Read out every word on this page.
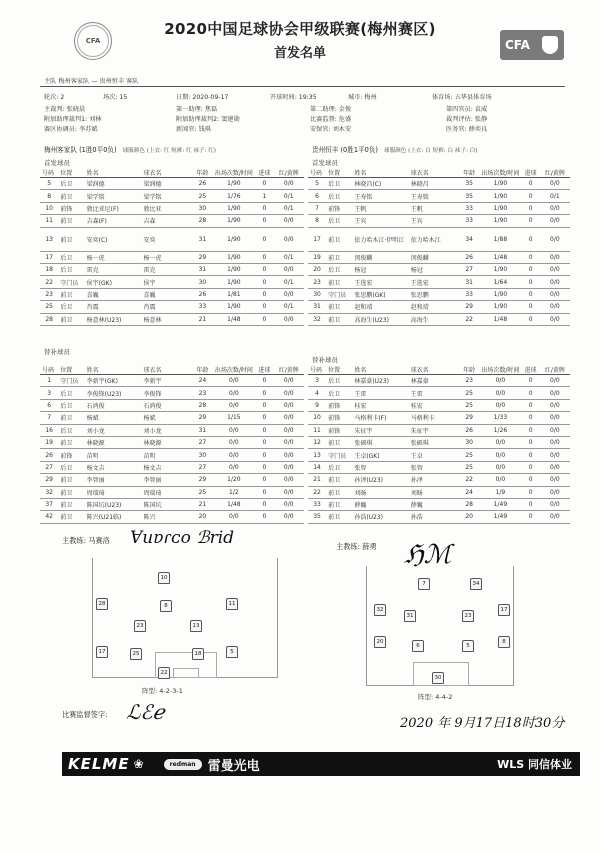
CFA
2020中国足球协会甲级联赛(梅州赛区)
首发名单
CFA
主队 梅州客家队 — 贵州恒丰 客队
轮次: 2	场次: 15	日期: 2020-09-17	开球时间: 19:35	城市: 梅州	体育场: 五华县体育场
主裁判: 张晓晨	第一助理: 焦磊	第二助理: 金俊	第四官员: 袁威
附加助理裁判1: 刘林	附加助理裁判2: 窦建勋	比赛监督: 危盛	裁判评估: 张静
赛区协调员: 李苏斌	新闻官: 钱琪	安保官: 刘木安	医务官: 薛奕良
梅州客家队 (1胜0平0负) 球服颜色 (上衣: 红 短裤: 红 袜子: 红)	贵州恒丰 (0胜1平0负) 球服颜色 (上衣: 白 短裤: 白 袜子: 白)
首发球员	首发球员
号码	位置	姓名	球衣名	年龄	出场次数/时间	进球	红/黄牌
5	后卫	梁润德	梁润德	26	1/90	0	0/0
8	前卫	梁学铭	梁学铭	25	1/76	1	0/1
10	前锋	敦比亚尼(F)	敦比亚	30	1/90	0	0/1
11	前卫	吉森(F)	吉森	28	1/90	0	0/0
13	前卫	安奕(C)	安奕	31	1/90	0	0/0
17	后卫	杨一虎	杨一虎	29	1/90	0	0/1
18	后卫	雷克	雷克	31	1/90	0	0/0
22	守门员	侯宇(GK)	侯宇	30	1/90	0	0/1
23	前卫	喜巍	喜巍	26	1/81	0	0/0
25	后卫	肖震	肖震	33	1/90	0	0/1
28	前卫	杨意林(U23)	杨意林	21	1/48	0	0/0
号码	位置	姓名	球衣名	年龄	出场次数/时间	进球	红/黄牌
5	后卫	林晓昌(C)	林晓昌	35	1/90	0	0/0
6	后卫	王寿铭	王寿铭	35	1/90	0	0/1
7	前锋	王帆	王帆	33	1/90	0	0/0
8	后卫	王宾	王宾	33	1/90	0	0/0
17	前卫	依力哈木江·伊明江	依力哈木江	34	1/88	0	0/0
19	前卫	闵俊麟	闵俊麟	26	1/48	0	0/0
20	后卫	杨冠	杨冠	27	1/90	0	0/0
23	前卫	王选宏	王选宏	31	1/64	0	0/0
30	守门员	张思鹏(GK)	张思鹏	33	1/90	0	0/0
31	前卫	赵和靖	赵和靖	29	1/90	0	0/0
32	前卫	高海生(U23)	高海生	22	1/48	0	0/0
替补球员
替补球员
号码	位置	姓名	球衣名	年龄	出场次数/时间	进球	红/黄牌
1	守门员	李新宇(GK)	李新宇	24	0/0	0	0/0
3	后卫	李俊锋(U23)	李俊锋	23	0/0	0	0/0
6	后卫	石鸿俊	石鸿俊	28	0/0	0	0/0
7	前卫	杨斌	杨斌	29	1/15	0	0/0
16	后卫	刘小龙	刘小龙	31	0/0	0	0/0
19	前卫	林晓源	林晓源	27	0/0	0	0/0
26	前锋	苗明	苗明	30	0/0	0	0/0
27	后卫	杨文吉	杨文吉	27	0/0	0	0/0
29	前卫	李智丽	李智丽	29	1/20	0	0/0
32	前卫	周瑞琦	周瑞琦	25	1/2	0	0/0
37	前卫	陈国坑(U23)	陈国坑	21	1/48	0	0/0
42	前卫	陈兴(U21临)	陈兴	20	0/0	0	0/0
号码	位置	姓名	球衣名	年龄	出场次数/时间	进球	红/黄牌
3	后卫	林嘉豪(U23)	林嘉豪	23	0/0	0	0/0
4	后卫	王雷	王雷	25	0/0	0	0/0
9	前锋	桂宏	桂宏	25	0/0	0	0/0
10	前锋	马格利卡(F)	马格利卡	29	1/33	0	0/0
11	前锋	朱征宇	朱征宇	26	1/26	0	0/0
12	前卫	张硕琪	张硕琪	30	0/0	0	0/0
13	守门员	王卓(GK)	王卓	25	0/0	0	0/0
14	后卫	张智	张智	25	0/0	0	0/0
21	前卫	孙泽(U23)	孙泽	22	0/0	0	0/0
22	前卫	刘旸	刘旸	24	1/9	0	0/0
33	前卫	薛巍	薛巍	28	1/49	0	0/0
35	前卫	孙浩(U23)	孙浩	20	1/49	0	0/0
主教练: 马赛洛 Ɐuɐɾᴄo ℬrid	主教练: 薛勇 ℌℳ
10
28	8	11
23	13
17	25	18	5
22
阵型: 4-2-3-1
7	34
32
31	23
17
20
6	5
8
30
阵型: 4-4-2
比赛监督签字: ℒℰℯ	2020 年 9月17日18时30分
KELME ❀	redman 雷曼光电	WLS 同信体业
